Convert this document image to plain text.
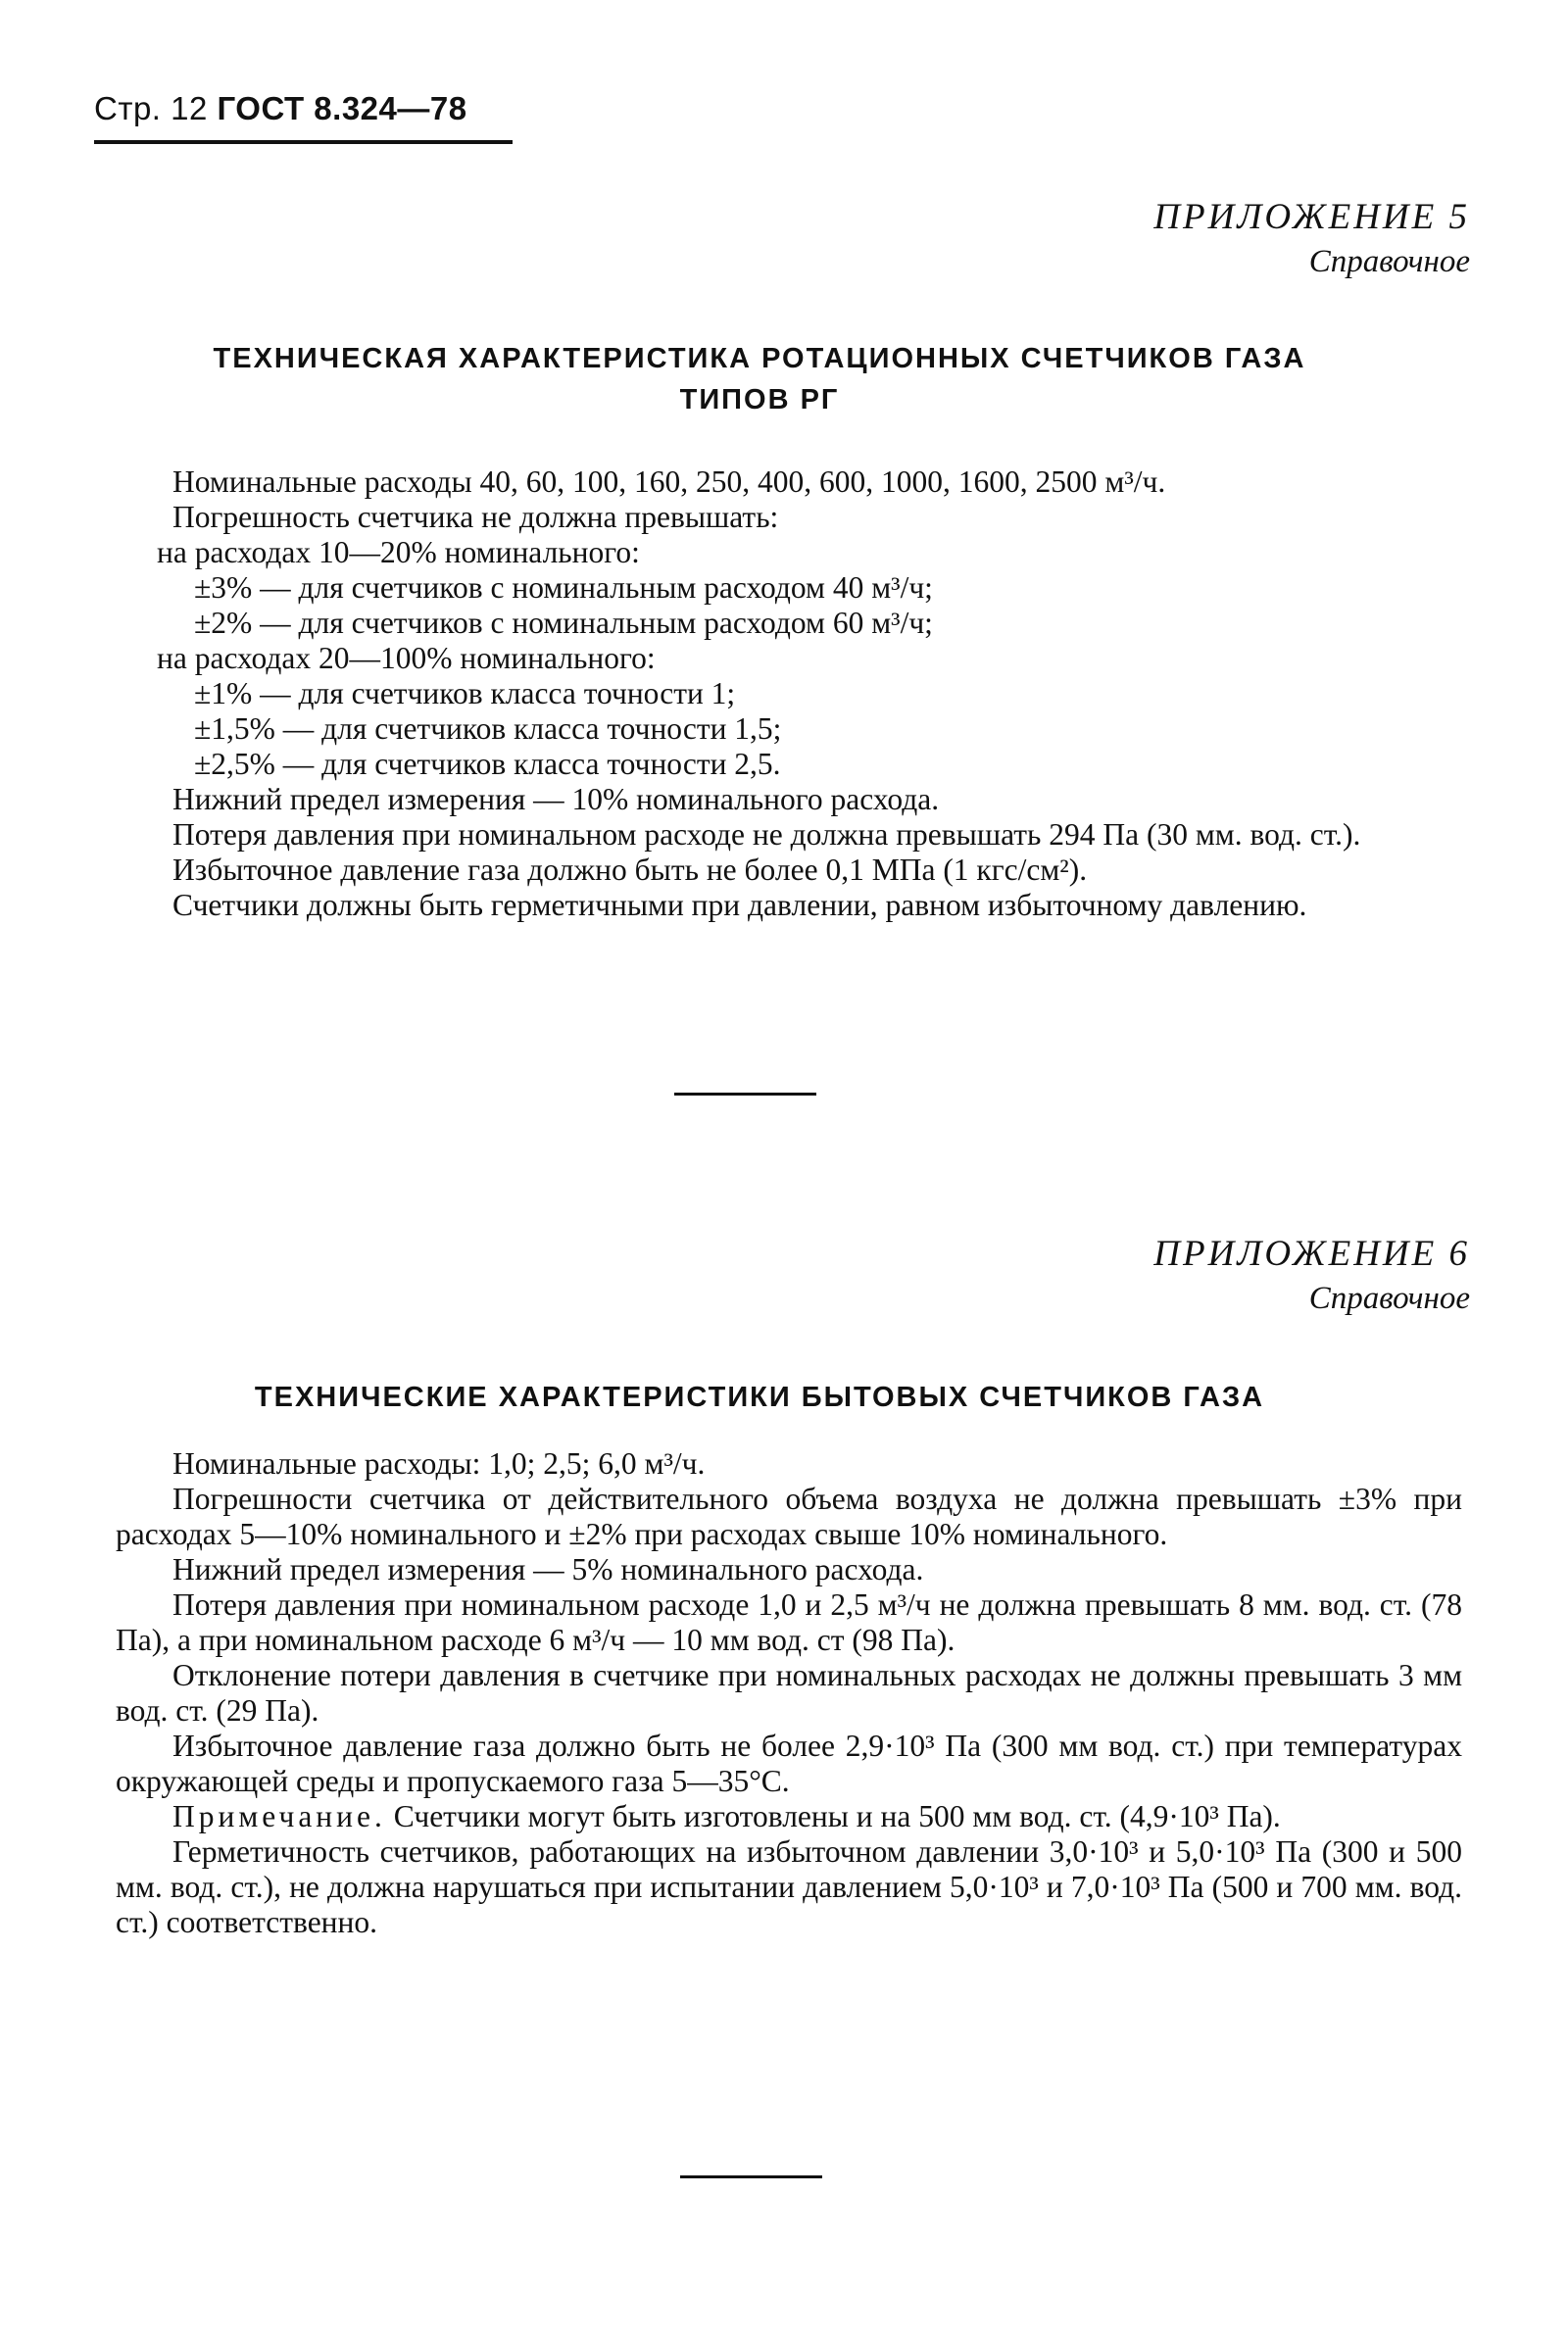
Стр. 12 ГОСТ 8.324—78
ПРИЛОЖЕНИЕ 5
Справочное
ТЕХНИЧЕСКАЯ ХАРАКТЕРИСТИКА РОТАЦИОННЫХ СЧЕТЧИКОВ ГАЗА
ТИПОВ РГ

Номинальные расходы 40, 60, 100, 160, 250, 400, 600, 1000, 1600, 2500 м³/ч.

Погрешность счетчика не должна превышать:

на расходах 10—20% номинального:

±3% — для счетчиков с номинальным расходом 40 м³/ч;

±2% — для счетчиков с номинальным расходом 60 м³/ч;

на расходах 20—100% номинального:

±1% — для счетчиков класса точности 1;

±1,5% — для счетчиков класса точности 1,5;

±2,5% — для счетчиков класса точности 2,5.

Нижний предел измерения — 10% номинального расхода.

Потеря давления при номинальном расходе не должна превышать 294 Па (30 мм. вод. ст.).

Избыточное давление газа должно быть не более 0,1 МПа (1 кгс/см²).

Счетчики должны быть герметичными при давлении, равном избыточному давлению.

ПРИЛОЖЕНИЕ 6
Справочное
ТЕХНИЧЕСКИЕ ХАРАКТЕРИСТИКИ БЫТОВЫХ СЧЕТЧИКОВ ГАЗА

Номинальные расходы: 1,0; 2,5; 6,0 м³/ч.

Погрешности счетчика от действительного объема воздуха не должна превышать ±3% при расходах 5—10% номинального и ±2% при расходах свыше 10% номинального.

Нижний предел измерения — 5% номинального расхода.

Потеря давления при номинальном расходе 1,0 и 2,5 м³/ч не должна превышать 8 мм. вод. ст. (78 Па), а при номинальном расходе 6 м³/ч — 10 мм вод. ст (98 Па).

Отклонение потери давления в счетчике при номинальных расходах не должны превышать 3 мм вод. ст. (29 Па).

Избыточное давление газа должно быть не более 2,9·10³ Па (300 мм вод. ст.) при температурах окружающей среды и пропускаемого газа 5—35°С.

Примечание. Счетчики могут быть изготовлены и на 500 мм вод. ст. (4,9·10³ Па).

Герметичность счетчиков, работающих на избыточном давлении 3,0·10³ и 5,0·10³ Па (300 и 500 мм. вод. ст.), не должна нарушаться при испытании давлением 5,0·10³ и 7,0·10³ Па (500 и 700 мм. вод. ст.) соответственно.
